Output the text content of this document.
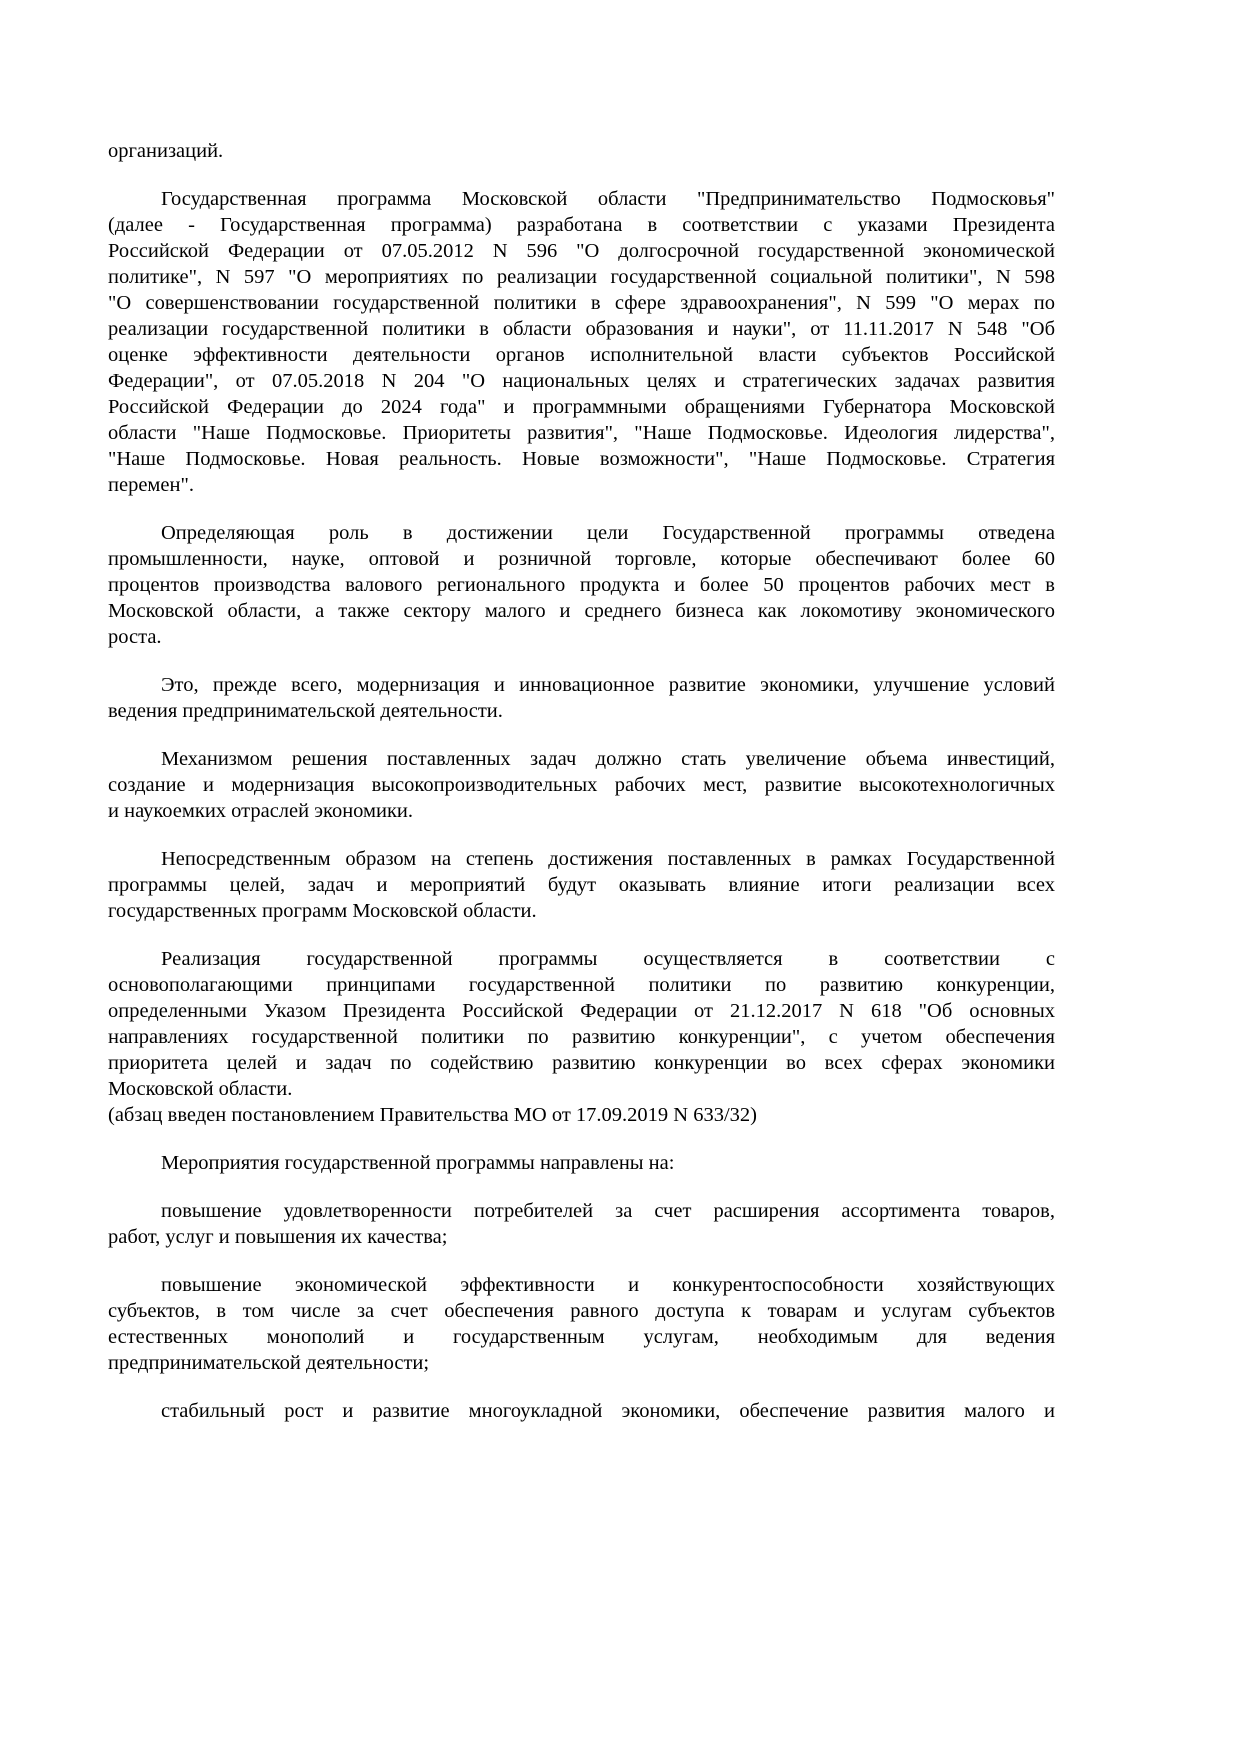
организаций.
Государственная программа Московской области "Предпринимательство Подмосковья"
(далее - Государственная программа) разработана в соответствии с указами Президента
Российской Федерации от 07.05.2012 N 596 "О долгосрочной государственной экономической
политике", N 597 "О мероприятиях по реализации государственной социальной политики", N 598
"О совершенствовании государственной политики в сфере здравоохранения", N 599 "О мерах по
реализации государственной политики в области образования и науки", от 11.11.2017 N 548 "Об
оценке эффективности деятельности органов исполнительной власти субъектов Российской
Федерации", от 07.05.2018 N 204 "О национальных целях и стратегических задачах развития
Российской Федерации до 2024 года" и программными обращениями Губернатора Московской
области "Наше Подмосковье. Приоритеты развития", "Наше Подмосковье. Идеология лидерства",
"Наше Подмосковье. Новая реальность. Новые возможности", "Наше Подмосковье. Стратегия
перемен".
Определяющая роль в достижении цели Государственной программы отведена
промышленности, науке, оптовой и розничной торговле, которые обеспечивают более 60
процентов производства валового регионального продукта и более 50 процентов рабочих мест в
Московской области, а также сектору малого и среднего бизнеса как локомотиву экономического
роста.
Это, прежде всего, модернизация и инновационное развитие экономики, улучшение условий
ведения предпринимательской деятельности.
Механизмом решения поставленных задач должно стать увеличение объема инвестиций,
создание и модернизация высокопроизводительных рабочих мест, развитие высокотехнологичных
и наукоемких отраслей экономики.
Непосредственным образом на степень достижения поставленных в рамках Государственной
программы целей, задач и мероприятий будут оказывать влияние итоги реализации всех
государственных программ Московской области.
Реализация государственной программы осуществляется в соответствии с
основополагающими принципами государственной политики по развитию конкуренции,
определенными Указом Президента Российской Федерации от 21.12.2017 N 618 "Об основных
направлениях государственной политики по развитию конкуренции", с учетом обеспечения
приоритета целей и задач по содействию развитию конкуренции во всех сферах экономики
Московской области.
(абзац введен постановлением Правительства МО от 17.09.2019 N 633/32)
Мероприятия государственной программы направлены на:
повышение удовлетворенности потребителей за счет расширения ассортимента товаров,
работ, услуг и повышения их качества;
повышение экономической эффективности и конкурентоспособности хозяйствующих
субъектов, в том числе за счет обеспечения равного доступа к товарам и услугам субъектов
естественных монополий и государственным услугам, необходимым для ведения
предпринимательской деятельности;
стабильный рост и развитие многоукладной экономики, обеспечение развития малого и
